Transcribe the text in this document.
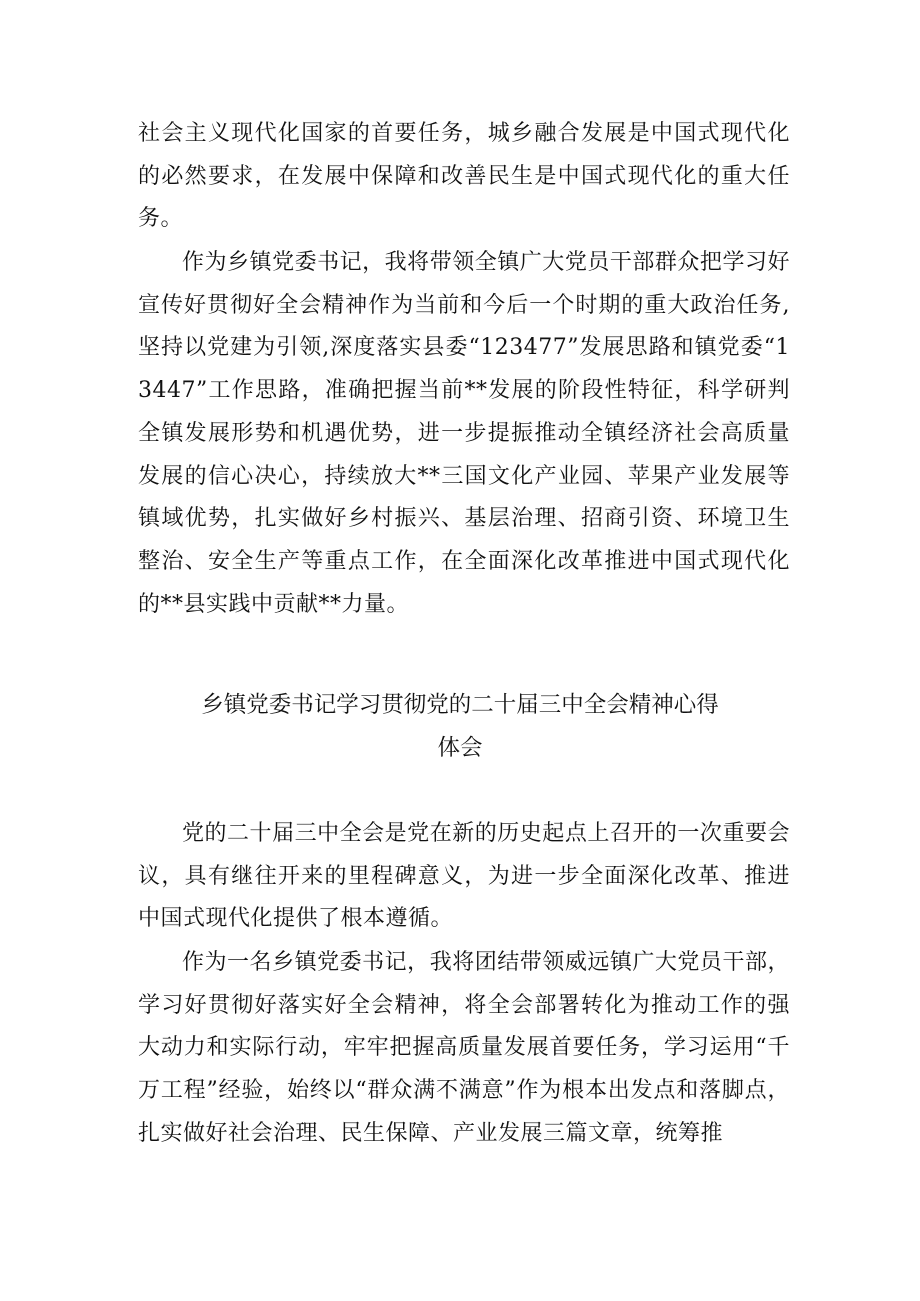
社会主义现代化国家的首要任务，城乡融合发展是中国式现代化的必然要求，在发展中保障和改善民生是中国式现代化的重大任务。

作为乡镇党委书记，我将带领全镇广大党员干部群众把学习好宣传好贯彻好全会精神作为当前和今后一个时期的重大政治任务,坚持以党建为引领,深度落实县委“123477”发展思路和镇党委“13447”工作思路，准确把握当前**发展的阶段性特征，科学研判全镇发展形势和机遇优势，进一步提振推动全镇经济社会高质量发展的信心决心，持续放大**三国文化产业园、苹果产业发展等镇域优势，扎实做好乡村振兴、基层治理、招商引资、环境卫生整治、安全生产等重点工作，在全面深化改革推进中国式现代化的**县实践中贡献**力量。

乡镇党委书记学习贯彻党的二十届三中全会精神心得
体会

党的二十届三中全会是党在新的历史起点上召开的一次重要会议，具有继往开来的里程碑意义，为进一步全面深化改革、推进中国式现代化提供了根本遵循。

作为一名乡镇党委书记，我将团结带领威远镇广大党员干部，学习好贯彻好落实好全会精神，将全会部署转化为推动工作的强大动力和实际行动，牢牢把握高质量发展首要任务，学习运用“千万工程”经验，始终以“群众满不满意”作为根本出发点和落脚点，扎实做好社会治理、民生保障、产业发展三篇文章，统筹推
